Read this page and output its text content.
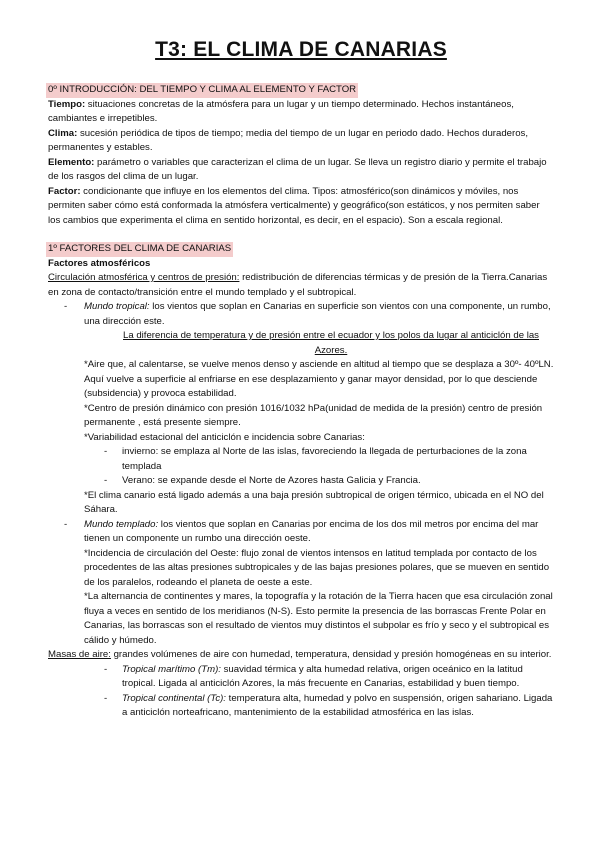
T3: EL CLIMA DE CANARIAS

0º INTRODUCCIÓN: DEL TIEMPO Y CLIMA AL ELEMENTO Y FACTOR

Tiempo: situaciones concretas de la atmósfera para un lugar y un tiempo determinado. Hechos instantáneos, cambiantes e irrepetibles.

Clima: sucesión periódica de tipos de tiempo; media del tiempo de un lugar en periodo dado. Hechos duraderos, permanentes y estables.

Elemento: parámetro o variables que caracterizan el clima de un lugar. Se lleva un registro diario y permite el trabajo de los rasgos del clima de un lugar.

Factor: condicionante que influye en los elementos del clima. Tipos: atmosférico(son dinámicos y móviles, nos permiten saber cómo está conformada la atmósfera verticalmente) y geográfico(son estáticos, y nos permiten saber los cambios que experimenta el clima en sentido horizontal, es decir, en el espacio). Son a escala regional.

1º FACTORES DEL CLIMA DE CANARIAS

Factores atmosféricos

Circulación atmosférica y centros de presión: redistribución de diferencias térmicas y de presión de la Tierra.Canarias en zona de contacto/transición entre el mundo templado y el subtropical.

- Mundo tropical: los vientos que soplan en Canarias en superficie son vientos con una componente, un rumbo, una dirección este.

La diferencia de temperatura y de presión entre el ecuador y los polos da lugar al anticiclón de las Azores.

*Aire que, al calentarse, se vuelve menos denso y asciende en altitud al tiempo que se desplaza a 30º- 40ºLN. Aquí vuelve a superficie al enfriarse en ese desplazamiento y ganar mayor densidad, por lo que desciende (subsidencia) y provoca estabilidad.

*Centro de presión dinámico con presión 1016/1032 hPa(unidad de medida de la presión) centro de presión permanente , está presente siempre.

*Variabilidad estacional del anticiclón e incidencia sobre Canarias:

- invierno: se emplaza al Norte de las islas, favoreciendo la llegada de perturbaciones de la zona templada
- Verano: se expande desde el Norte de Azores hasta Galicia y Francia.

*El clima canario está ligado además a una baja presión subtropical de origen térmico, ubicada en el NO del Sáhara.

- Mundo templado: los vientos que soplan en Canarias por encima de los dos mil metros por encima del mar tienen un componente un rumbo una dirección oeste.

*Incidencia de circulación del Oeste: flujo zonal de vientos intensos en latitud templada por contacto de los procedentes de las altas presiones subtropicales y de las bajas presiones polares, que se mueven en sentido de los paralelos, rodeando el planeta de oeste a este.

*La alternancia de continentes y mares, la topografía y la rotación de la Tierra hacen que esa circulación zonal fluya a veces en sentido de los meridianos (N-S). Esto permite la presencia de las borrascas Frente Polar en Canarias, las borrascas son el resultado de vientos muy distintos el subpolar es frío y seco y el subtropical es cálido y húmedo.

Masas de aire: grandes volúmenes de aire con humedad, temperatura, densidad y presión homogéneas en su interior.

- Tropical marítimo (Tm): suavidad térmica y alta humedad relativa, origen oceánico en la latitud tropical. Ligada al anticiclón Azores, la más frecuente en Canarias, estabilidad y buen tiempo.
- Tropical continental (Tc): temperatura alta, humedad y polvo en suspensión, origen sahariano. Ligada a anticiclón norteafricano, mantenimiento de la estabilidad atmosférica en las islas.
